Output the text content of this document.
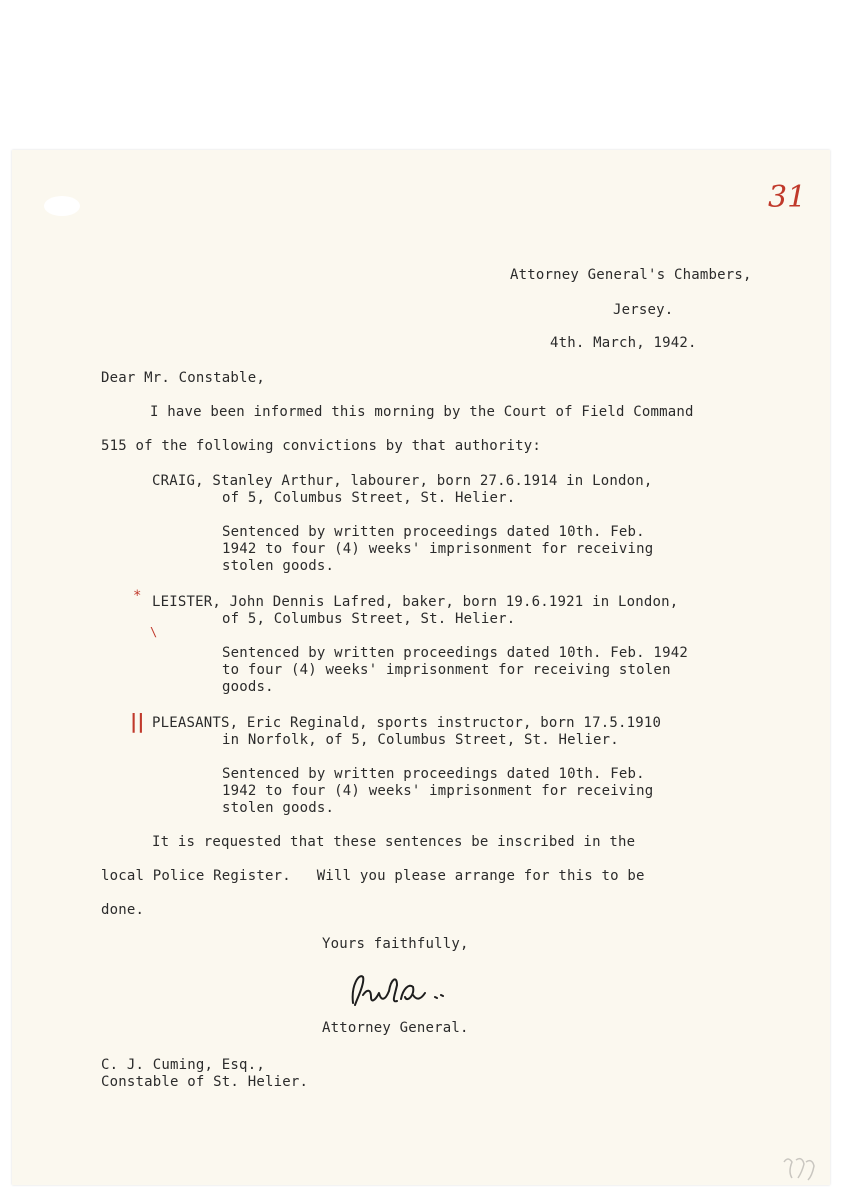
31
Attorney General's Chambers,
Jersey.
4th. March, 1942.
Dear Mr. Constable,
I have been informed this morning by the Court of Field Command
515 of the following convictions by that authority:
CRAIG, Stanley Arthur, labourer, born 27.6.1914 in London,
of 5, Columbus Street, St. Helier.
Sentenced by written proceedings dated 10th. Feb.
1942 to four (4) weeks' imprisonment for receiving
stolen goods.
* LEISTER, John Dennis Lafred, baker, born 19.6.1921 in London,
of 5, Columbus Street, St. Helier.
\
Sentenced by written proceedings dated 10th. Feb. 1942
to four (4) weeks' imprisonment for receiving stolen
goods.
|| PLEASANTS, Eric Reginald, sports instructor, born 17.5.1910
in Norfolk, of 5, Columbus Street, St. Helier.
Sentenced by written proceedings dated 10th. Feb.
1942 to four (4) weeks' imprisonment for receiving
stolen goods.
It is requested that these sentences be inscribed in the
local Police Register.   Will you please arrange for this to be
done.
Yours faithfully,
Attorney General.
C. J. Cuming, Esq.,
Constable of St. Helier.
